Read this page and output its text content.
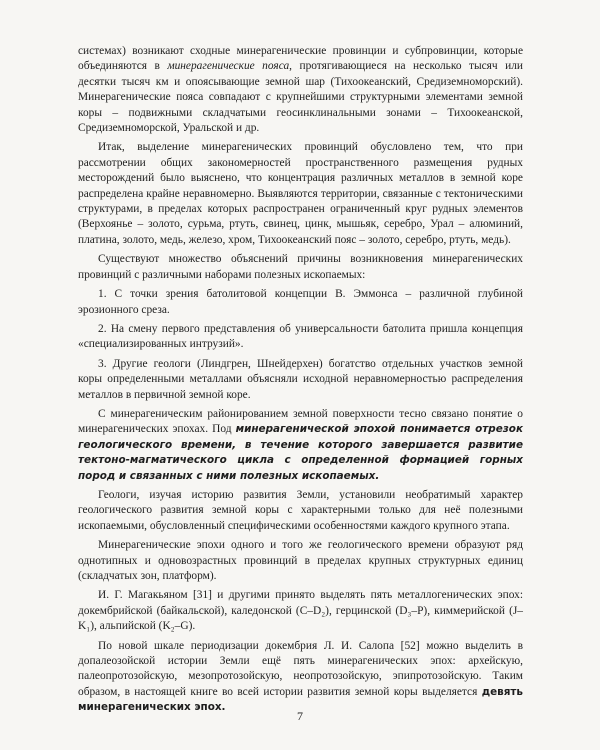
системах) возникают сходные минерагенические провинции и субпровинции, которые объединяются в минерагенические пояса, протягивающиеся на несколько тысяч или десятки тысяч км и опоясывающие земной шар (Тихоокеанский, Средиземноморский). Минерагенические пояса совпадают с крупнейшими структурными элементами земной коры – подвижными складчатыми геосинклинальными зонами – Тихоокеанской, Средиземноморской, Уральской и др.

Итак, выделение минерагенических провинций обусловлено тем, что при рассмотрении общих закономерностей пространственного размещения рудных месторождений было выяснено, что концентрация различных металлов в земной коре распределена крайне неравномерно. Выявляются территории, связанные с тектоническими структурами, в пределах которых распространен ограниченный круг рудных элементов (Верхоянье – золото, сурьма, ртуть, свинец, цинк, мышьяк, серебро, Урал – алюминий, платина, золото, медь, железо, хром, Тихоокеанский пояс – золото, серебро, ртуть, медь).

Существуют множество объяснений причины возникновения минерагенических провинций с различными наборами полезных ископаемых:

1. С точки зрения батолитовой концепции В. Эммонса – различной глубиной эрозионного среза.

2. На смену первого представления об универсальности батолита пришла концепция «специализированных интрузий».

3. Другие геологи (Линдгрен, Шнейдерхен) богатство отдельных участков земной коры определенными металлами объясняли исходной неравномерностью распределения металлов в первичной земной коре.

С минерагеническим районированием земной поверхности тесно связано понятие о минерагенических эпохах. Под минерагенической эпохой понимается отрезок геологического времени, в течение которого завершается развитие тектоно-магматического цикла с определенной формацией горных пород и связанных с ними полезных ископаемых.

Геологи, изучая историю развития Земли, установили необратимый характер геологического развития земной коры с характерными только для неё полезными ископаемыми, обусловленный специфическими особенностями каждого крупного этапа.

Минерагенические эпохи одного и того же геологического времени образуют ряд однотипных и одновозрастных провинций в пределах крупных структурных единиц (складчатых зон, платформ).

И. Г. Магакьяном [31] и другими принято выделять пять металлогенических эпох: докембрийской (байкальской), каледонской (C–D₂), герцинской (D₃–P), киммерийской (J–K₁), альпийской (K₂–G).

По новой шкале периодизации докембрия Л. И. Салопа [52] можно выделить в допалеозойской истории Земли ещё пять минерагенических эпох: архейскую, палеопротозойскую, мезопротозойскую, неопротозойскую, эпипротозойскую. Таким образом, в настоящей книге во всей истории развития земной коры выделяется девять минерагенических эпох.

7
